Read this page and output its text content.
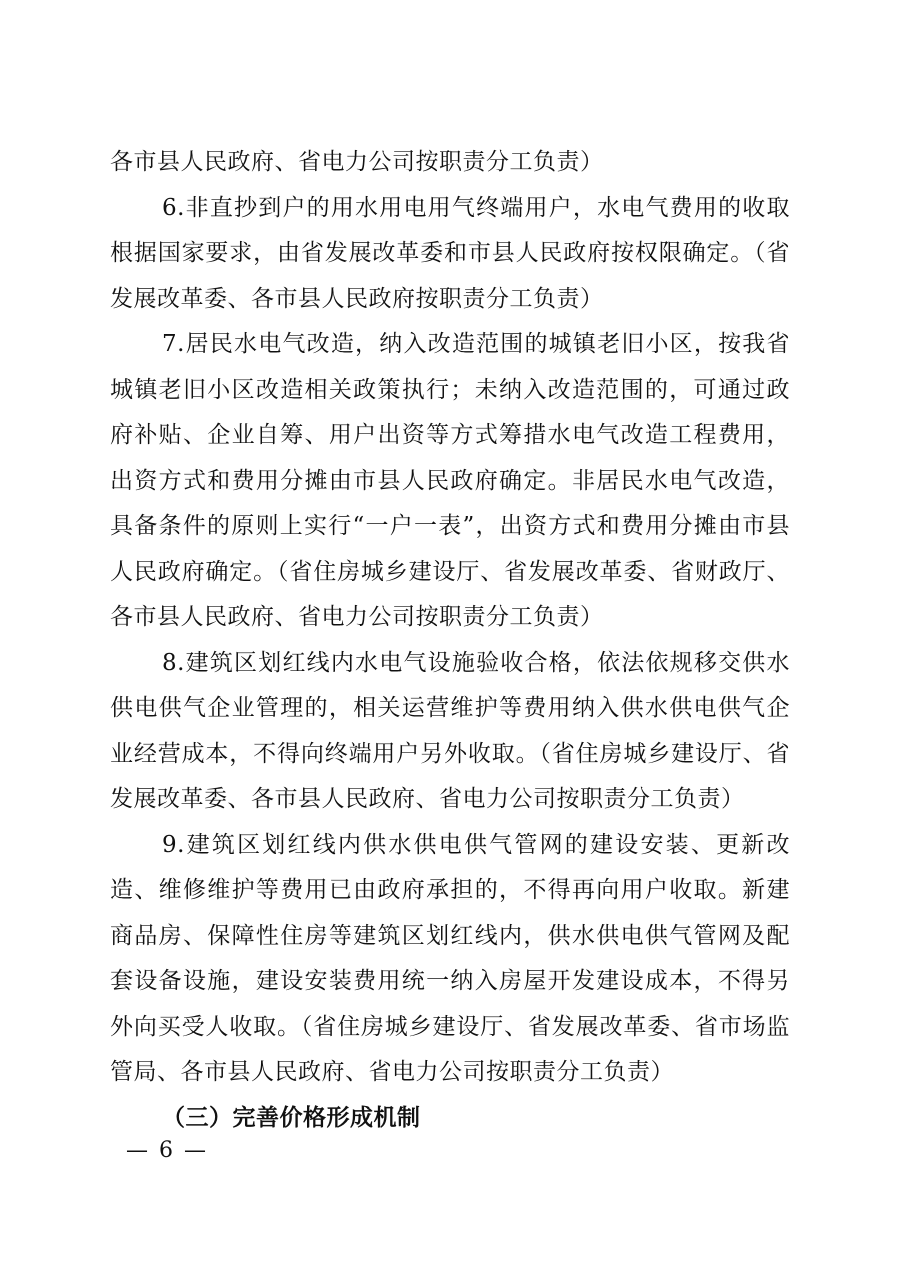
各市县人民政府、省电力公司按职责分工负责）

6.非直抄到户的用水用电用气终端用户，水电气费用的收取根据国家要求，由省发展改革委和市县人民政府按权限确定。（省发展改革委、各市县人民政府按职责分工负责）

7.居民水电气改造，纳入改造范围的城镇老旧小区，按我省城镇老旧小区改造相关政策执行；未纳入改造范围的，可通过政府补贴、企业自筹、用户出资等方式筹措水电气改造工程费用，出资方式和费用分摊由市县人民政府确定。非居民水电气改造，具备条件的原则上实行“一户一表”，出资方式和费用分摊由市县人民政府确定。（省住房城乡建设厅、省发展改革委、省财政厅、各市县人民政府、省电力公司按职责分工负责）

8.建筑区划红线内水电气设施验收合格，依法依规移交供水供电供气企业管理的，相关运营维护等费用纳入供水供电供气企业经营成本，不得向终端用户另外收取。（省住房城乡建设厅、省发展改革委、各市县人民政府、省电力公司按职责分工负责）

9.建筑区划红线内供水供电供气管网的建设安装、更新改造、维修维护等费用已由政府承担的，不得再向用户收取。新建商品房、保障性住房等建筑区划红线内，供水供电供气管网及配套设备设施，建设安装费用统一纳入房屋开发建设成本，不得另外向买受人收取。（省住房城乡建设厅、省发展改革委、省市场监管局、各市县人民政府、省电力公司按职责分工负责）

（三）完善价格形成机制

— 6 —
